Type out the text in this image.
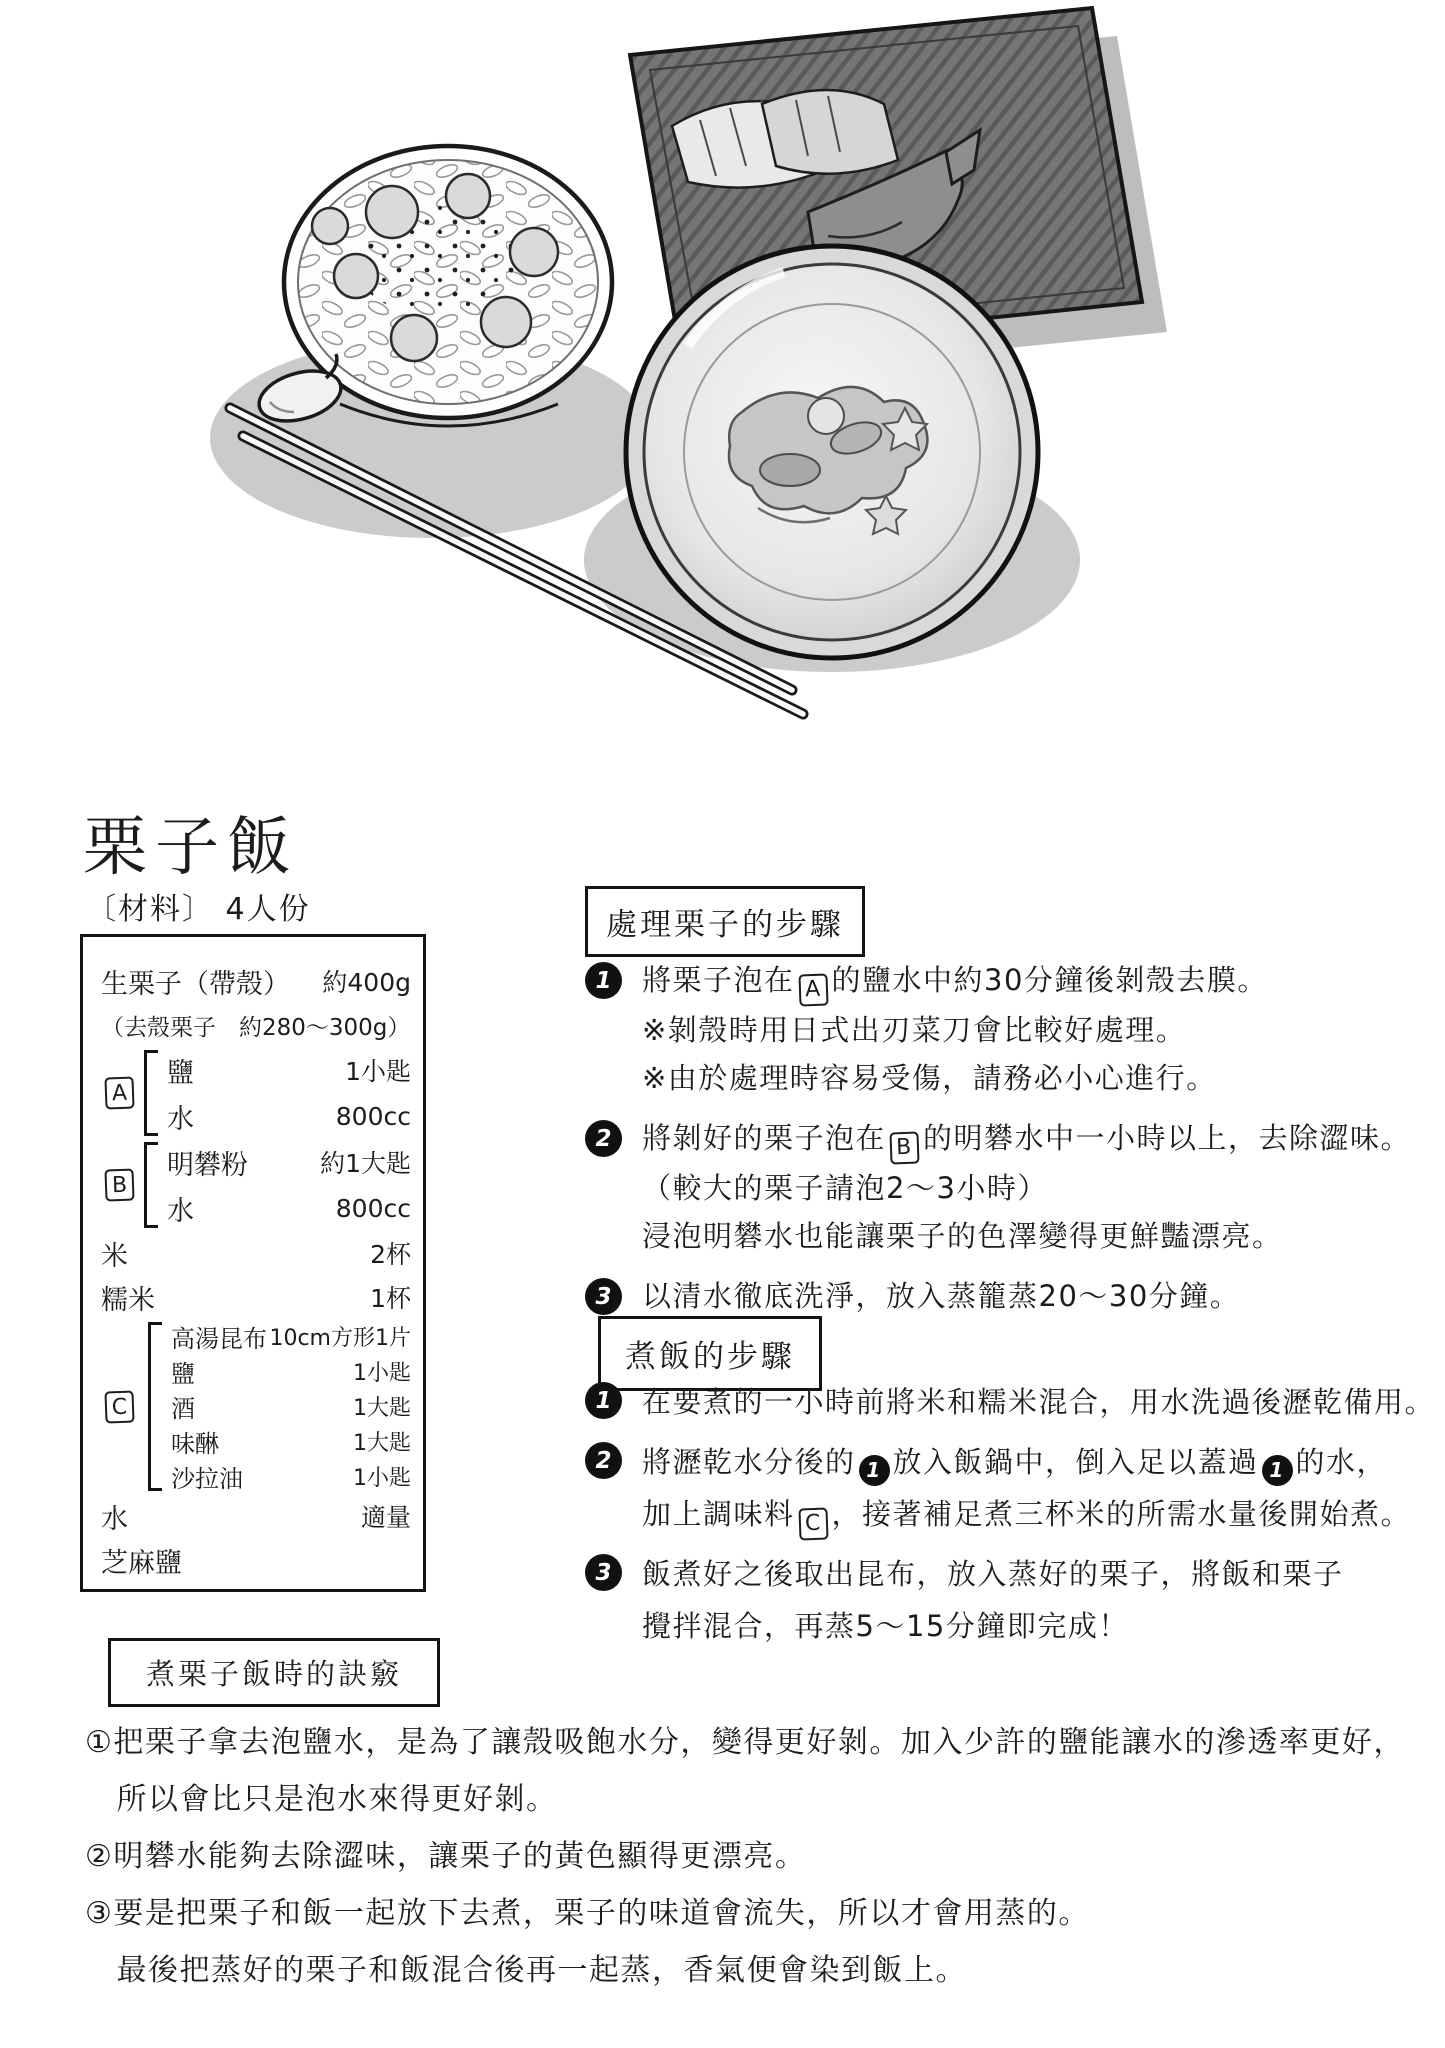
栗子飯
〔材料〕 4人份
生栗子（帶殼） 約400g
（去殼栗子　約280〜300g）
A
鹽	1小匙
水	800cc
B
明礬粉	約1大匙
水	800cc
米	2杯
糯米	1杯
C
高湯昆布 10cm方形1片
鹽	1小匙
酒	1大匙
味醂	1大匙
沙拉油	1小匙
水	適量
芝麻鹽
處理栗子的步驟
1	將栗子泡在 A 的鹽水中約30分鐘後剝殼去膜。
※剝殼時用日式出刃菜刀會比較好處理。
※由於處理時容易受傷，請務必小心進行。
2	將剝好的栗子泡在 B 的明礬水中一小時以上，去除澀味。
（較大的栗子請泡2〜3小時）
浸泡明礬水也能讓栗子的色澤變得更鮮豔漂亮。
3	以清水徹底洗淨，放入蒸籠蒸20〜30分鐘。
煮飯的步驟
1	在要煮的一小時前將米和糯米混合，用水洗過後瀝乾備用。
2	將瀝乾水分後的 1 放入飯鍋中，倒入足以蓋過 1 的水，
加上調味料 C ，接著補足煮三杯米的所需水量後開始煮。
3	飯煮好之後取出昆布，放入蒸好的栗子，將飯和栗子
攪拌混合，再蒸5〜15分鐘即完成！
煮栗子飯時的訣竅
①把栗子拿去泡鹽水，是為了讓殼吸飽水分，變得更好剝。加入少許的鹽能讓水的滲透率更好，
　所以會比只是泡水來得更好剝。
②明礬水能夠去除澀味，讓栗子的黃色顯得更漂亮。
③要是把栗子和飯一起放下去煮，栗子的味道會流失，所以才會用蒸的。
　最後把蒸好的栗子和飯混合後再一起蒸，香氣便會染到飯上。
